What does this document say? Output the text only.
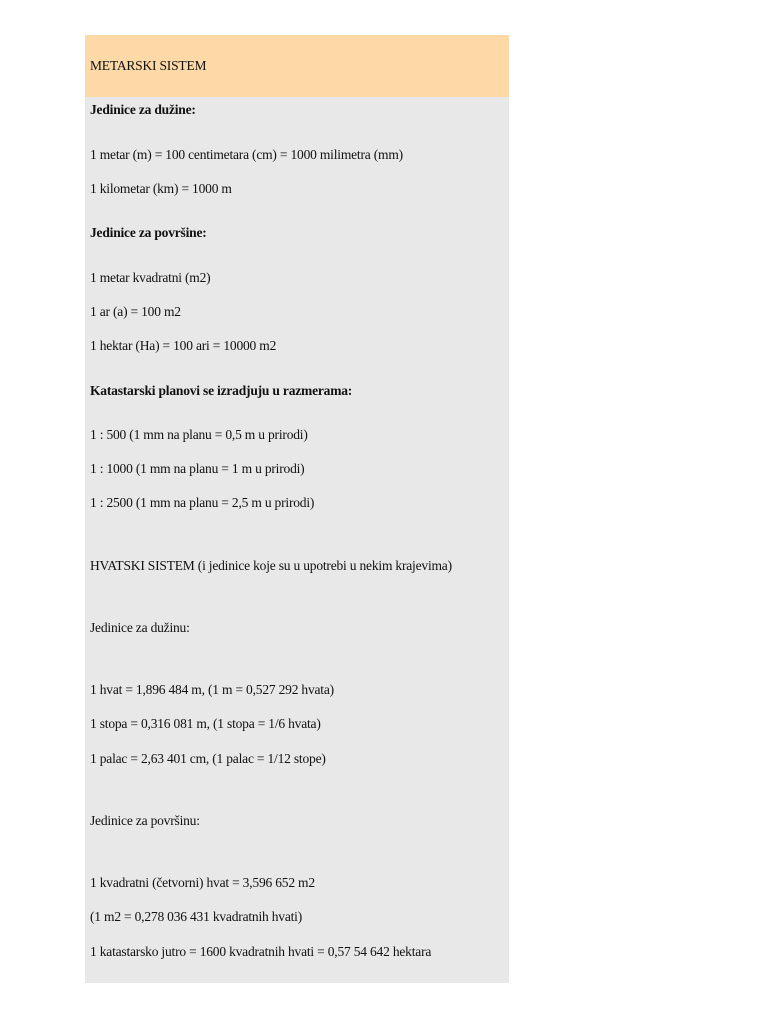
METARSKI SISTEM
Jedinice za dužine:
1 metar (m) = 100 centimetara (cm) = 1000 milimetra (mm)
1 kilometar (km) = 1000 m
Jedinice za površine:
1 metar kvadratni (m2)
1 ar (a) = 100 m2
1 hektar (Ha) = 100 ari = 10000 m2
Katastarski planovi se izradjuju u razmerama:
1 : 500 (1 mm na planu = 0,5 m u prirodi)
1 : 1000 (1 mm na planu = 1 m u prirodi)
1 : 2500 (1 mm na planu = 2,5 m u prirodi)
HVATSKI SISTEM (i jedinice koje su u upotrebi u nekim krajevima)
Jedinice za dužinu:
1 hvat = 1,896 484 m, (1 m = 0,527 292 hvata)
1 stopa = 0,316 081 m, (1 stopa = 1/6 hvata)
1 palac = 2,63 401 cm, (1 palac = 1/12 stope)
Jedinice za površinu:
1 kvadratni (četvorni) hvat = 3,596 652 m2
(1 m2 = 0,278 036 431 kvadratnih hvati)
1 katastarsko jutro = 1600 kvadratnih hvati = 0,57 54 642 hektara
